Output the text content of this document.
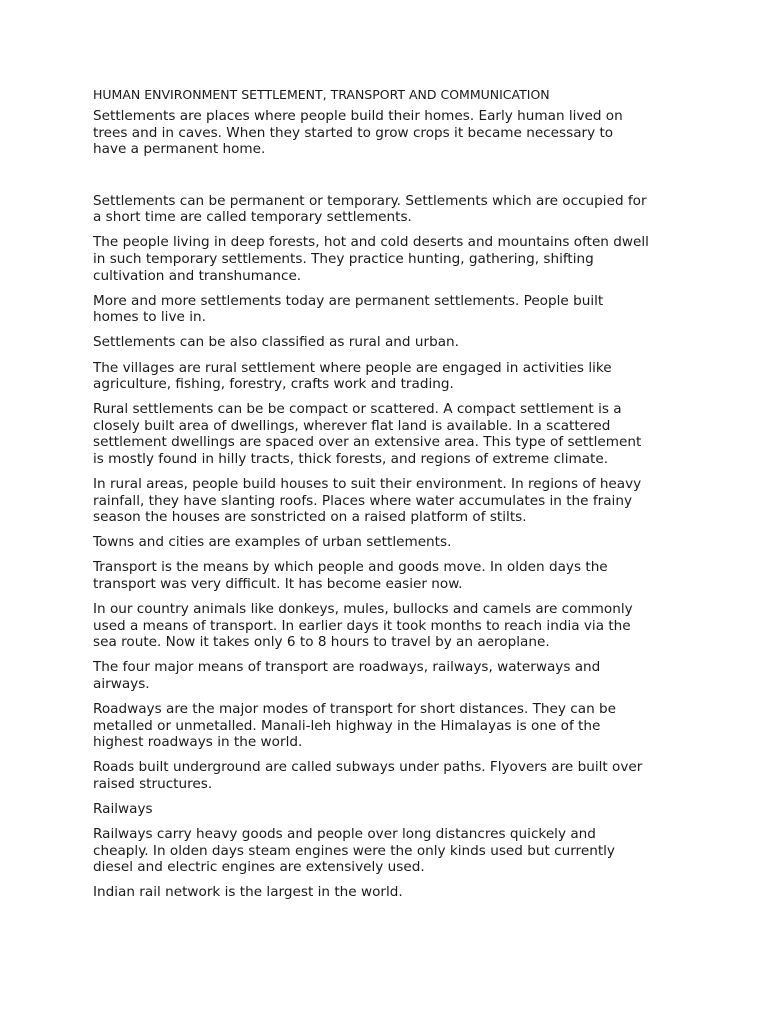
HUMAN ENVIRONMENT SETTLEMENT, TRANSPORT AND COMMUNICATION

Settlements are places where people build their homes. Early human lived on
trees and in caves. When they started to grow crops it became necessary to
have a permanent home.

Settlements can be permanent or temporary. Settlements which are occupied for
a short time are called temporary settlements.

The people living in deep forests, hot and cold deserts and mountains often dwell
in such temporary settlements. They practice hunting, gathering, shifting
cultivation and transhumance.

More and more settlements today are permanent settlements. People built
homes to live in.

Settlements can be also classified as rural and urban.

The villages are rural settlement where people are engaged in activities like
agriculture, fishing, forestry, crafts work and trading.

Rural settlements can be be compact or scattered. A compact settlement is a
closely built area of dwellings, wherever flat land is available. In a scattered
settlement dwellings are spaced over an extensive area. This type of settlement
is mostly found in hilly tracts, thick forests, and regions of extreme climate.

In rural areas, people build houses to suit their environment. In regions of heavy
rainfall, they have slanting roofs. Places where water accumulates in the frainy
season the houses are sonstricted on a raised platform of stilts.

Towns and cities are examples of urban settlements.

Transport is the means by which people and goods move. In olden days the
transport was very difficult. It has become easier now.

In our country animals like donkeys, mules, bullocks and camels are commonly
used a means of transport. In earlier days it took months to reach india via the
sea route. Now it takes only 6 to 8 hours to travel by an aeroplane.

The four major means of transport are roadways, railways, waterways and
airways.

Roadways are the major modes of transport for short distances. They can be
metalled or unmetalled. Manali-leh highway in the Himalayas is one of the
highest roadways in the world.

Roads built underground are called subways under paths. Flyovers are built over
raised structures.

Railways

Railways carry heavy goods and people over long distancres quickely and
cheaply. In olden days steam engines were the only kinds used but currently
diesel and electric engines are extensively used.

Indian rail network is the largest in the world.
